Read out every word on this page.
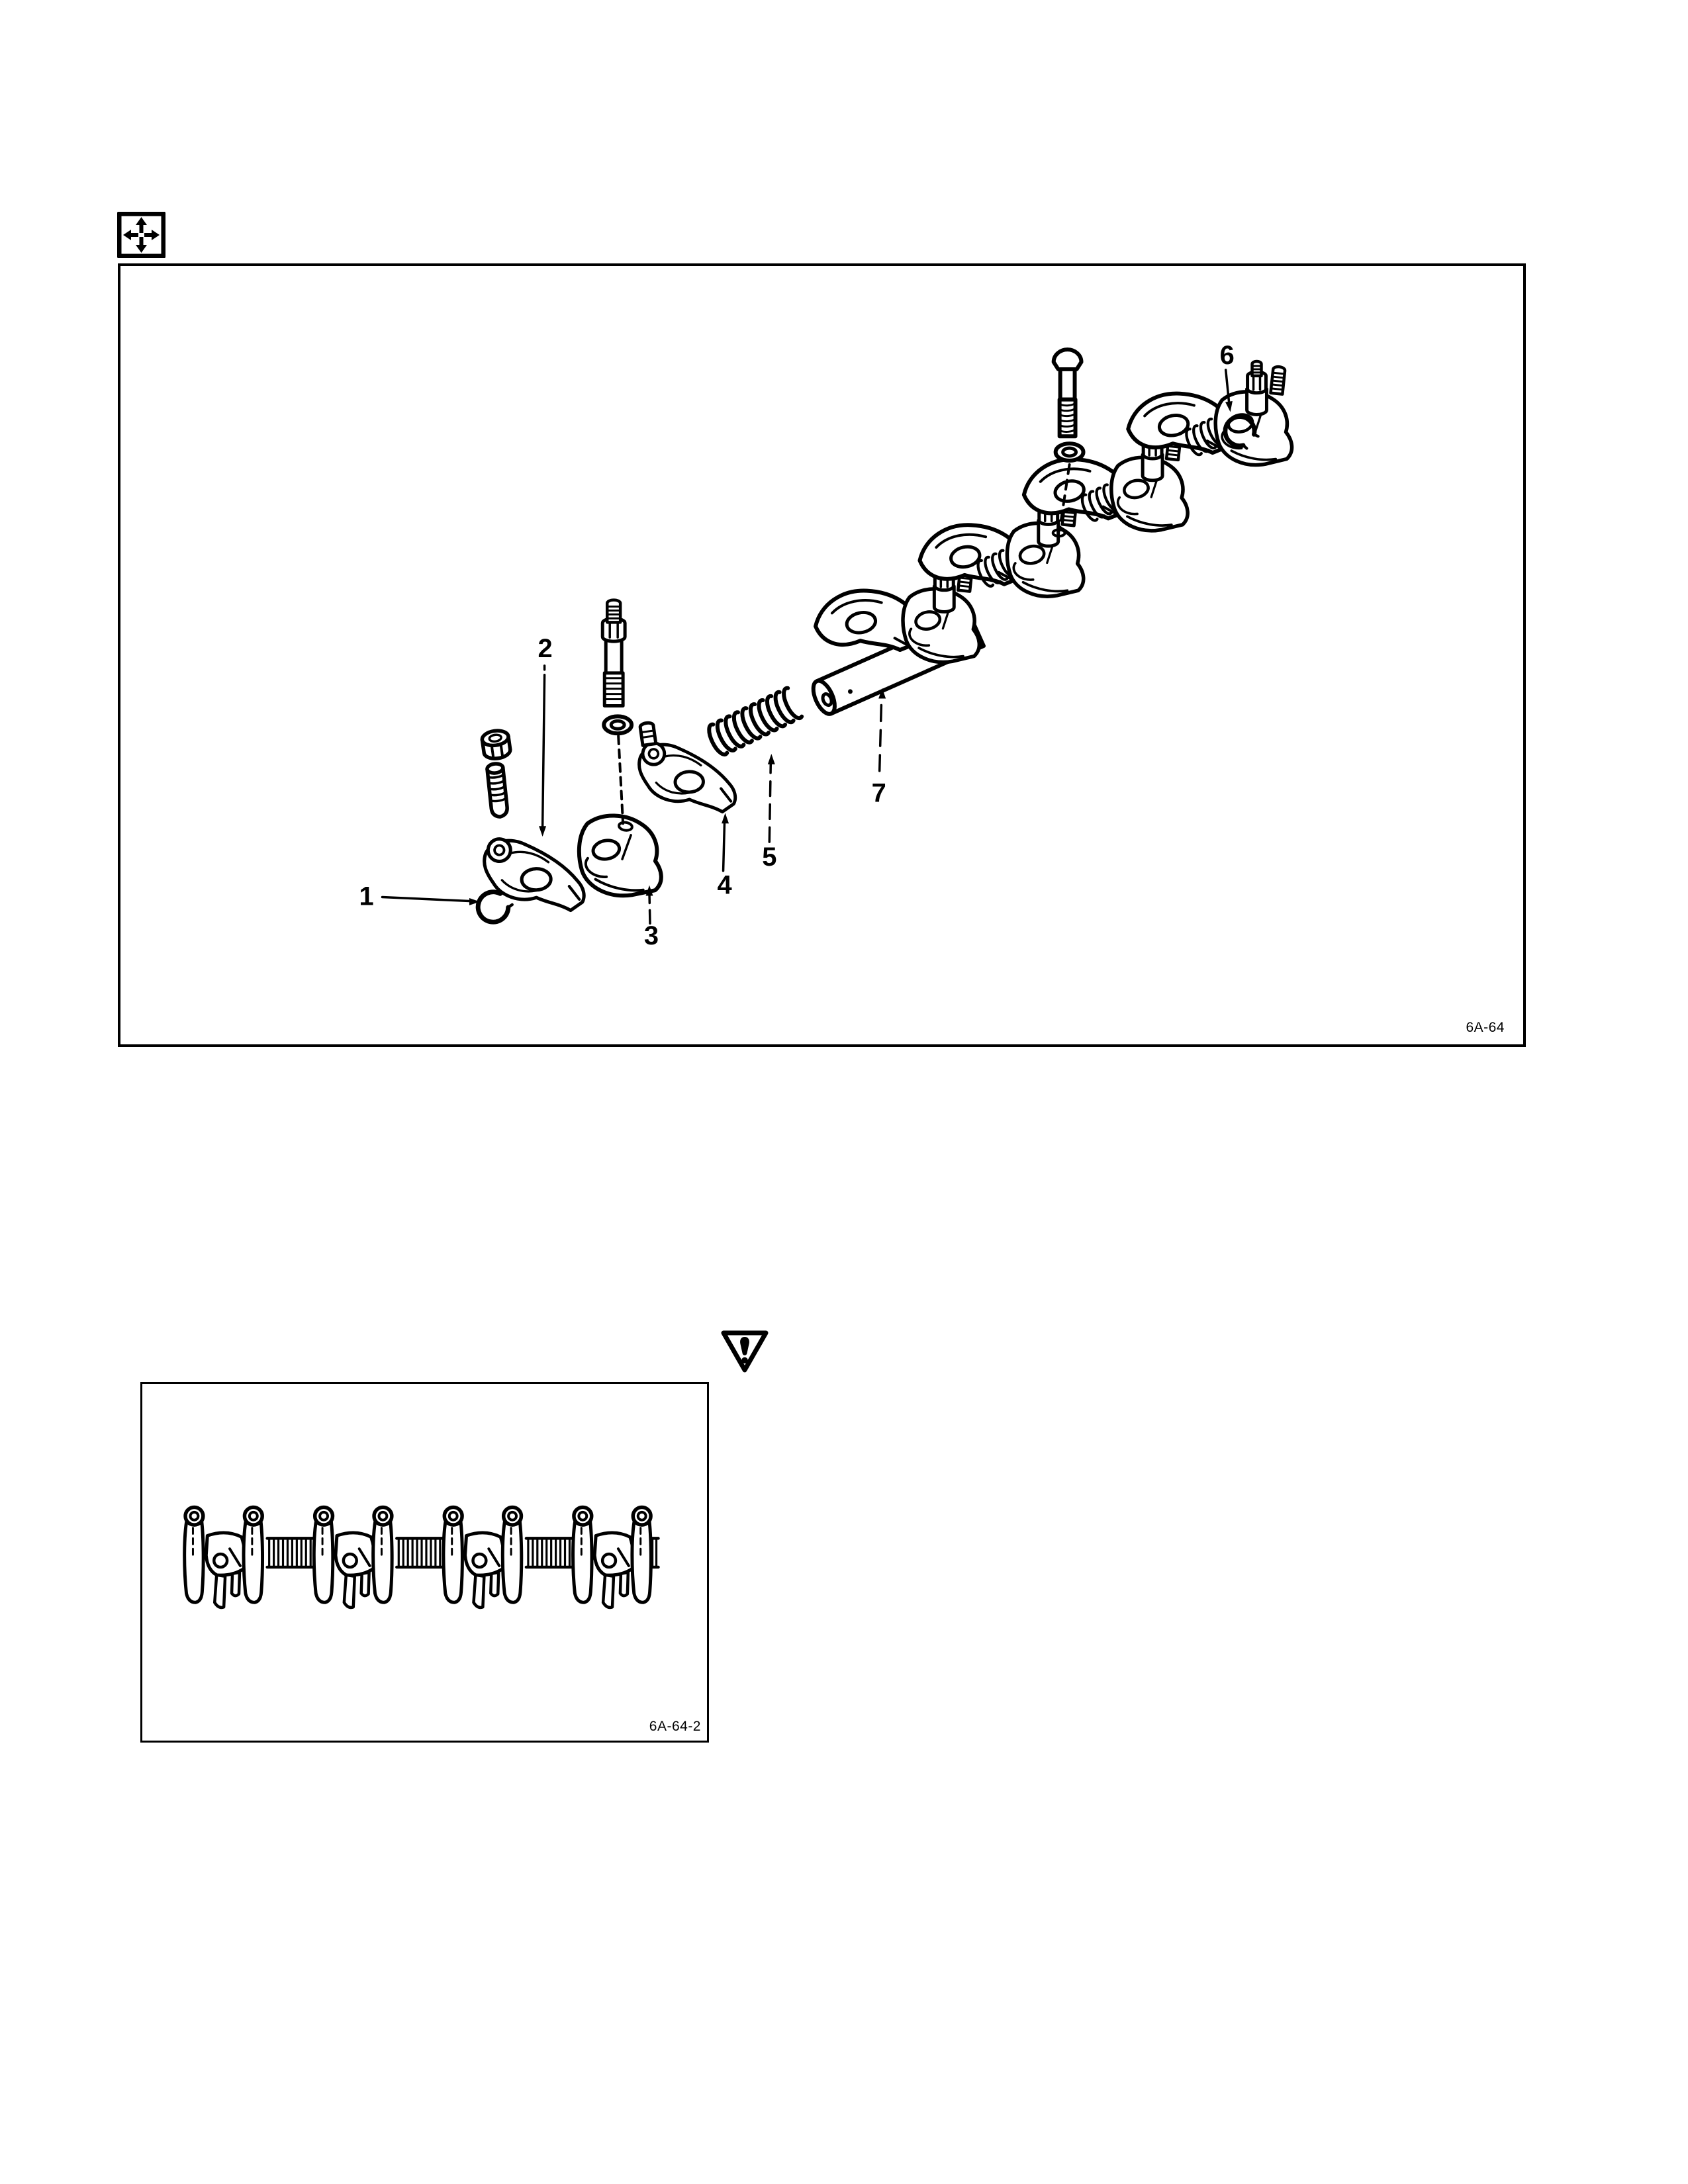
1
2
3
4
5
6
7
6A-64
6A-64-2
